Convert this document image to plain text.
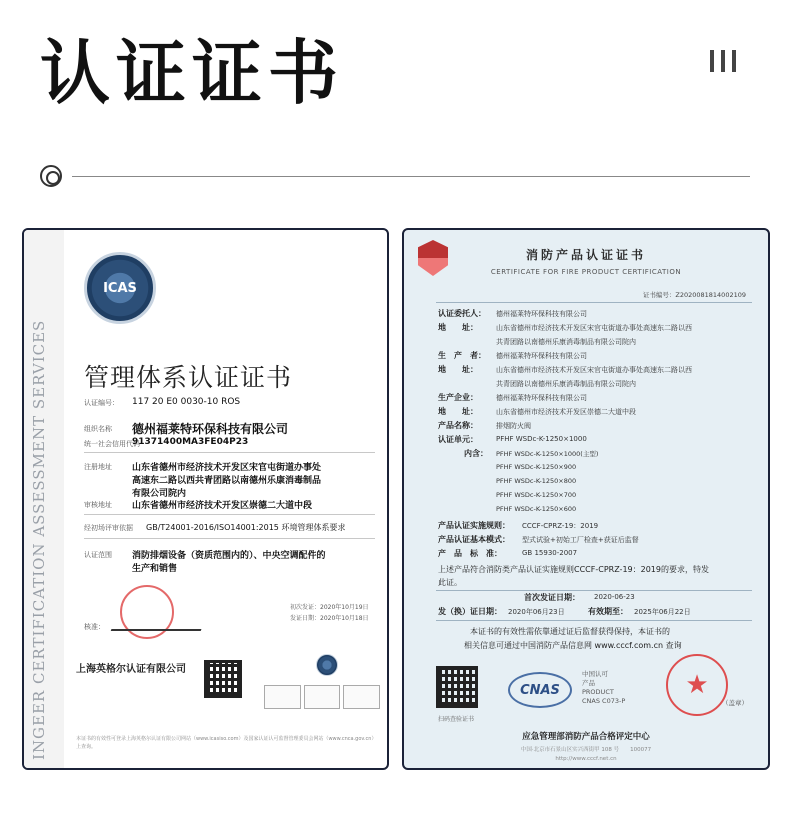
认证证书
INGEER CERTIFICATION ASSESSMENT SERVICES
ICAS
管理体系认证证书
认证编号： 117 20 E0 0030-10 ROS
组织名称 德州福莱特环保科技有限公司
统一社会信用代码
91371400MA3FE04P23
注册地址 山东省德州市经济技术开发区宋官屯街道办事处
高速东二路以西共青团路以南德州乐康消毒制品
有限公司院内
审核地址 山东省德州市经济技术开发区崇德二大道中段
经初场评审依据 GB/T24001-2016/ISO14001:2015 环境管理体系要求
认证范围 消防排烟设备（资质范围内的）、中央空调配件的
生产和销售
核准：
初次发证：2020年10月19日
发证日期：2020年10月18日
上海英格尔认证有限公司
本证书的有效性可登录上海英格尔认证有限公司网站（www.icasiso.com）及国家认证认可监督管理委员会网站（www.cnca.gov.cn）上查询。
消防产品认证证书
CERTIFICATE FOR FIRE PRODUCT CERTIFICATION
证书编号：Z2020081814002109
认证委托人： 德州福莱特环保科技有限公司
地　　址：	山东省德州市经济技术开发区宋官屯街道办事处高速东二路以西
共青团路以南德州乐康消毒制品有限公司院内
生　产　者： 德州福莱特环保科技有限公司
地　　址：	山东省德州市经济技术开发区宋官屯街道办事处高速东二路以西
共青团路以南德州乐康消毒制品有限公司院内
生产企业：	德州福莱特环保科技有限公司
地　　址：	山东省德州市经济技术开发区崇德二大道中段
产品名称：	排烟防火阀
认证单元：	PFHF WSDc-K-1250×1000
内含： PFHF WSDc-K-1250×1000(主型)
PFHF WSDc-K-1250×900
PFHF WSDc-K-1250×800
PFHF WSDc-K-1250×700
PFHF WSDc-K-1250×600
产品认证实施规则： CCCF-CPRZ-19：2019
产品认证基本模式： 型式试验+初始工厂检查+获证后监督
产　品　标　准：	GB 15930-2007
上述产品符合消防类产品认证实施规则CCCF-CPRZ-19：2019的要求，特发
此证。
首次发证日期： 2020-06-23
发（换）证日期： 2020年06月23日	有效期至： 2025年06月22日
本证书的有效性需依靠通过证后监督获得保持，本证书的
相关信息可通过中国消防产品信息网 www.cccf.com.cn 查询
扫码查验证书
CNAS
中国认可
产品
PRODUCT
CNAS C073-P
★	（盖章）
应急管理部消防产品合格评定中心
中国·北京市石景山区实兴西街甲 108 号　　100077
http://www.cccf.net.cn
